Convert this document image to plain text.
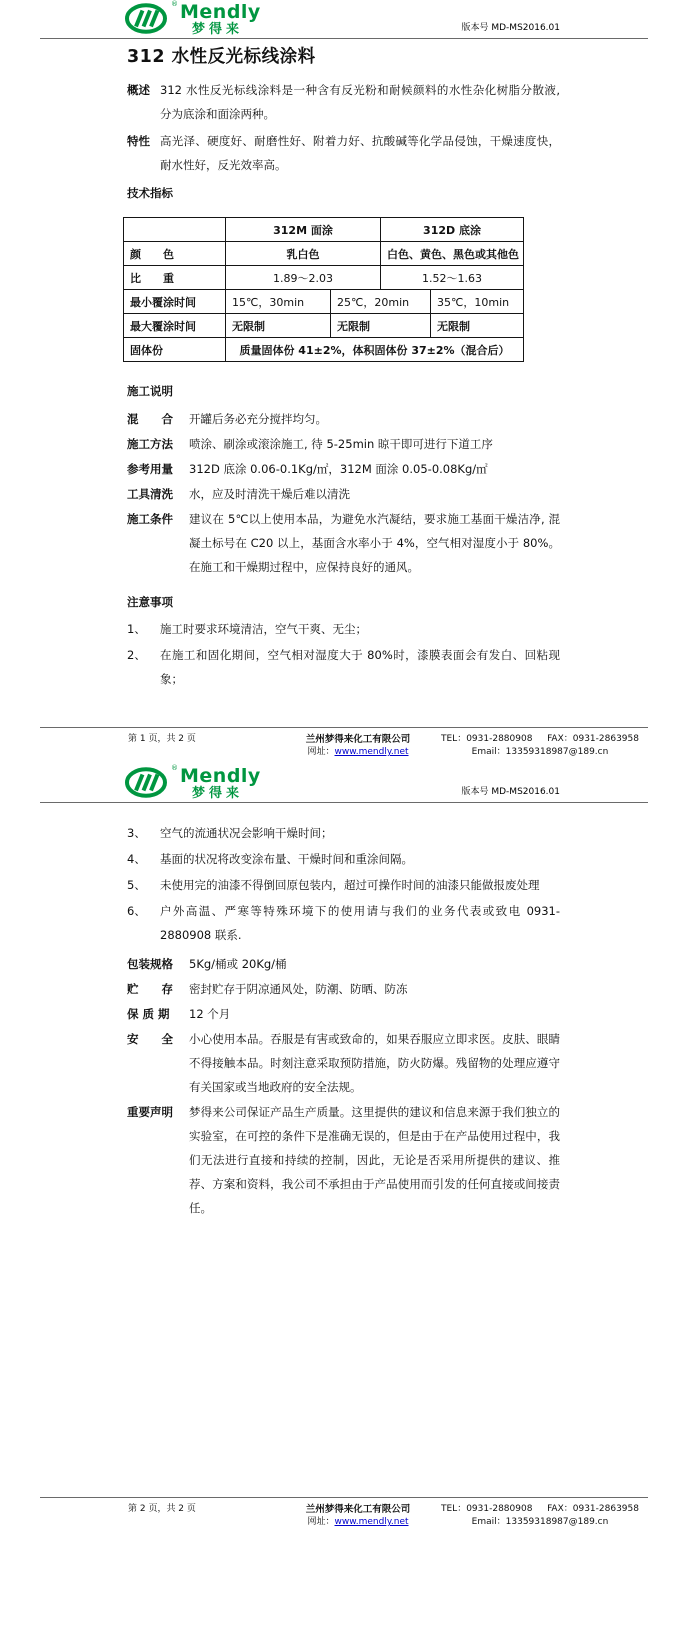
® Mendly
梦得来	版本号 MD-MS2016.01
312 水性反光标线涂料
概述 312 水性反光标线涂料是一种含有反光粉和耐候颜料的水性杂化树脂分散液, 分为底涂和面涂两种。
特性 高光泽、硬度好、耐磨性好、附着力好、抗酸碱等化学品侵蚀，干燥速度快，耐水性好，反光效率高。
技术指标
	312M 面涂		312D 底涂	
颜　　色	乳白色		白色、黄色、黑色或其他色	
比　　重	1.89～2.03		1.52～1.63	
最小覆涂时间	15℃，30min	25℃，20min		35℃，10min
最大覆涂时间	无限制	无限制		无限制
固体份	质量固体份 41±2%，体积固体份 37±2%（混合后）			
施工说明
混　　合	开罐后务必充分搅拌均匀。
施工方法	喷涂、刷涂或滚涂施工, 待 5-25min 晾干即可进行下道工序
参考用量	312D 底涂 0.06-0.1Kg/㎡，312M 面涂 0.05-0.08Kg/㎡
工具清洗	水，应及时清洗干燥后难以清洗
施工条件	建议在 5℃以上使用本品，为避免水汽凝结，要求施工基面干燥洁净, 混凝土标号在 C20 以上，基面含水率小于 4%，空气相对湿度小于 80%。在施工和干燥期过程中，应保持良好的通风。
注意事项
1、	施工时要求环境清洁，空气干爽、无尘；
2、	在施工和固化期间，空气相对湿度大于 80%时，漆膜表面会有发白、回粘现象；
第 1 页，共 2 页	兰州梦得来化工有限公司
网址：www.mendly.net
TEL：0931-2880908 FAX：0931-2863958
Email：13359318987@189.cn
® Mendly
梦得来	版本号 MD-MS2016.01
3、	空气的流通状况会影响干燥时间；
4、	基面的状况将改变涂布量、干燥时间和重涂间隔。
5、	未使用完的油漆不得倒回原包装内，超过可操作时间的油漆只能做报废处理
6、	户外高温、严寒等特殊环境下的使用请与我们的业务代表或致电 0931-2880908 联系.
包装规格	5Kg/桶或 20Kg/桶
贮　　存	密封贮存于阴凉通风处，防潮、防晒、防冻
保 质 期	12 个月
安　　全	小心使用本品。吞服是有害或致命的，如果吞服应立即求医。皮肤、眼睛不得接触本品。时刻注意采取预防措施，防火防爆。残留物的处理应遵守有关国家或当地政府的安全法规。
重要声明	梦得来公司保证产品生产质量。这里提供的建议和信息来源于我们独立的实验室，在可控的条件下是准确无误的，但是由于在产品使用过程中，我们无法进行直接和持续的控制，因此，无论是否采用所提供的建议、推荐、方案和资料，我公司不承担由于产品使用而引发的任何直接或间接责任。
第 2 页，共 2 页	兰州梦得来化工有限公司
网址：www.mendly.net
TEL：0931-2880908 FAX：0931-2863958
Email：13359318987@189.cn
